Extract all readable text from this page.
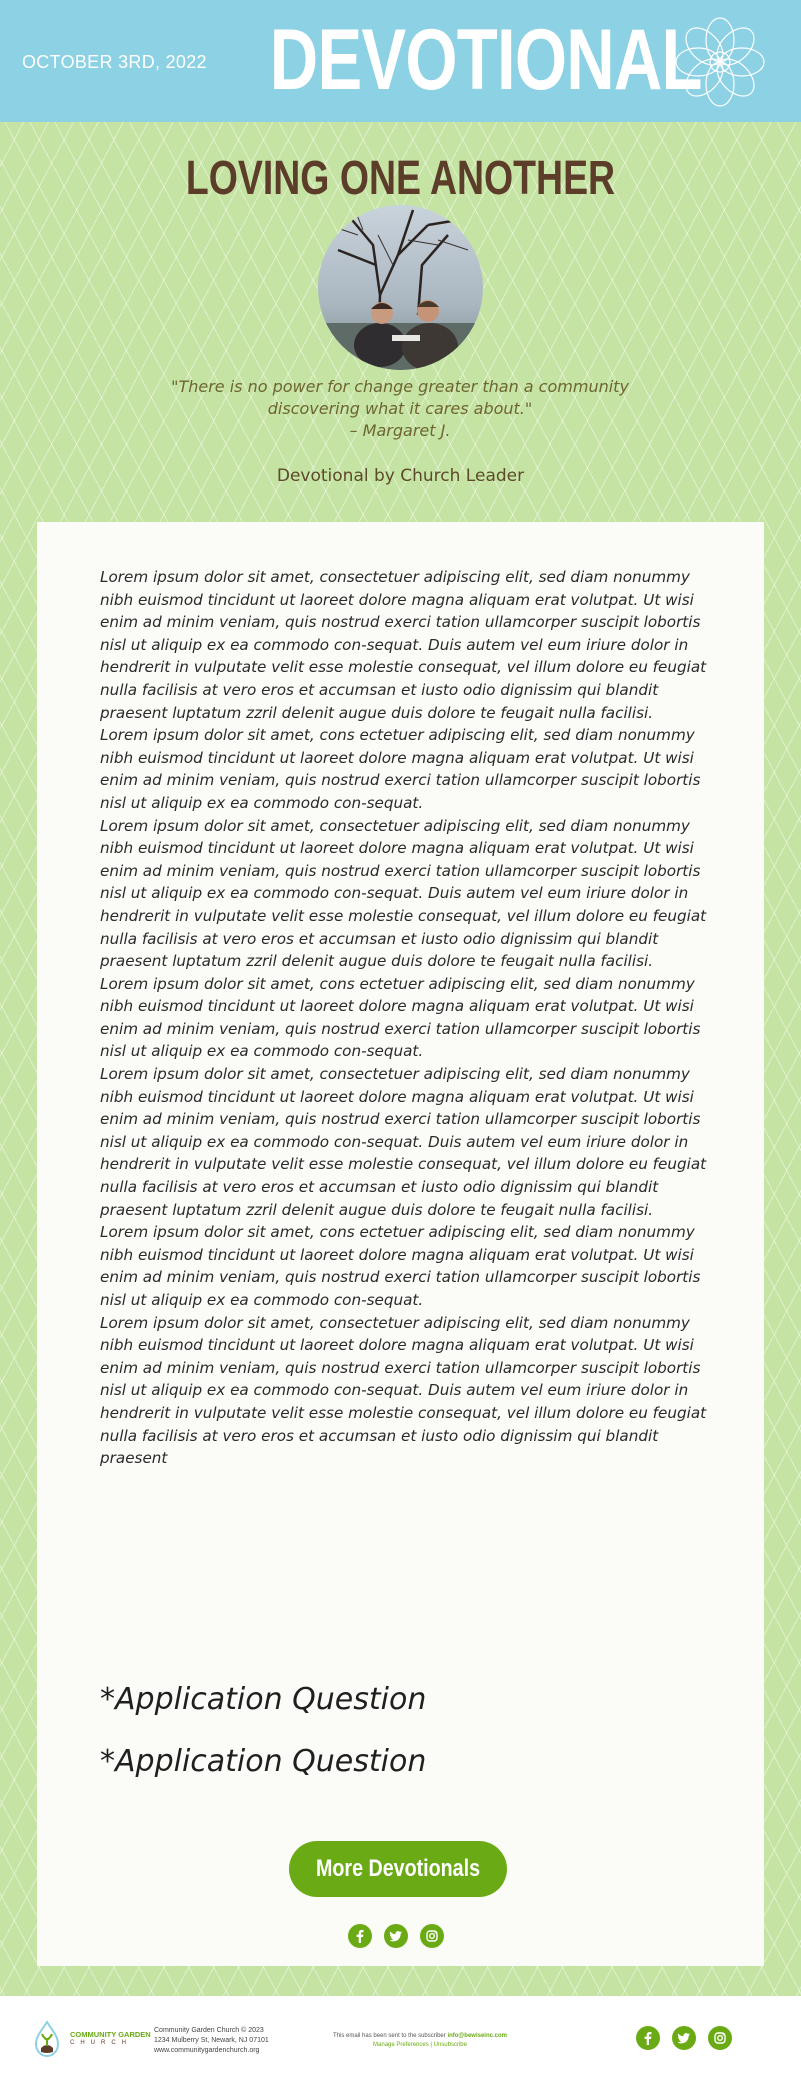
OCTOBER 3RD, 2022 DEVOTIONAL
LOVING ONE ANOTHER
"There is no power for change greater than a community discovering what it cares about."
– Margaret J.
Devotional by Church Leader

Lorem ipsum dolor sit amet, consectetuer adipiscing elit, sed diam nonummy nibh euismod tincidunt ut laoreet dolore magna aliquam erat volutpat. Ut wisi enim ad minim veniam, quis nostrud exerci tation ullamcorper suscipit lobortis nisl ut aliquip ex ea commodo con-sequat. Duis autem vel eum iriure dolor in hendrerit in vulputate velit esse molestie consequat, vel illum dolore eu feugiat nulla facilisis at vero eros et accumsan et iusto odio dignissim qui blandit praesent luptatum zzril delenit augue duis dolore te feugait nulla facilisi.

Lorem ipsum dolor sit amet, cons ectetuer adipiscing elit, sed diam nonummy nibh euismod tincidunt ut laoreet dolore magna aliquam erat volutpat. Ut wisi enim ad minim veniam, quis nostrud exerci tation ullamcorper suscipit lobortis nisl ut aliquip ex ea commodo con-sequat.

Lorem ipsum dolor sit amet, consectetuer adipiscing elit, sed diam nonummy nibh euismod tincidunt ut laoreet dolore magna aliquam erat volutpat. Ut wisi enim ad minim veniam, quis nostrud exerci tation ullamcorper suscipit lobortis nisl ut aliquip ex ea commodo con-sequat. Duis autem vel eum iriure dolor in hendrerit in vulputate velit esse molestie consequat, vel illum dolore eu feugiat nulla facilisis at vero eros et accumsan et iusto odio dignissim qui blandit praesent luptatum zzril delenit augue duis dolore te feugait nulla facilisi.

Lorem ipsum dolor sit amet, cons ectetuer adipiscing elit, sed diam nonummy nibh euismod tincidunt ut laoreet dolore magna aliquam erat volutpat. Ut wisi enim ad minim veniam, quis nostrud exerci tation ullamcorper suscipit lobortis nisl ut aliquip ex ea commodo con-sequat.

Lorem ipsum dolor sit amet, consectetuer adipiscing elit, sed diam nonummy nibh euismod tincidunt ut laoreet dolore magna aliquam erat volutpat. Ut wisi enim ad minim veniam, quis nostrud exerci tation ullamcorper suscipit lobortis nisl ut aliquip ex ea commodo con-sequat. Duis autem vel eum iriure dolor in hendrerit in vulputate velit esse molestie consequat, vel illum dolore eu feugiat nulla facilisis at vero eros et accumsan et iusto odio dignissim qui blandit praesent luptatum zzril delenit augue duis dolore te feugait nulla facilisi.

Lorem ipsum dolor sit amet, cons ectetuer adipiscing elit, sed diam nonummy nibh euismod tincidunt ut laoreet dolore magna aliquam erat volutpat. Ut wisi enim ad minim veniam, quis nostrud exerci tation ullamcorper suscipit lobortis nisl ut aliquip ex ea commodo con-sequat.

Lorem ipsum dolor sit amet, consectetuer adipiscing elit, sed diam nonummy nibh euismod tincidunt ut laoreet dolore magna aliquam erat volutpat. Ut wisi enim ad minim veniam, quis nostrud exerci tation ullamcorper suscipit lobortis nisl ut aliquip ex ea commodo con-sequat. Duis autem vel eum iriure dolor in hendrerit in vulputate velit esse molestie consequat, vel illum dolore eu feugiat nulla facilisis at vero eros et accumsan et iusto odio dignissim qui blandit praesent

*Application Question
*Application Question
More Devotionals
COMMUNITY GARDEN
CHURCH
Community Garden Church © 2023
1234 Mulberry St, Newark, NJ 07101
www.communitygardenchurch.org
This email has been sent to the subscriber info@bewiseinc.com
Manage Preferences | Unsubscribe
